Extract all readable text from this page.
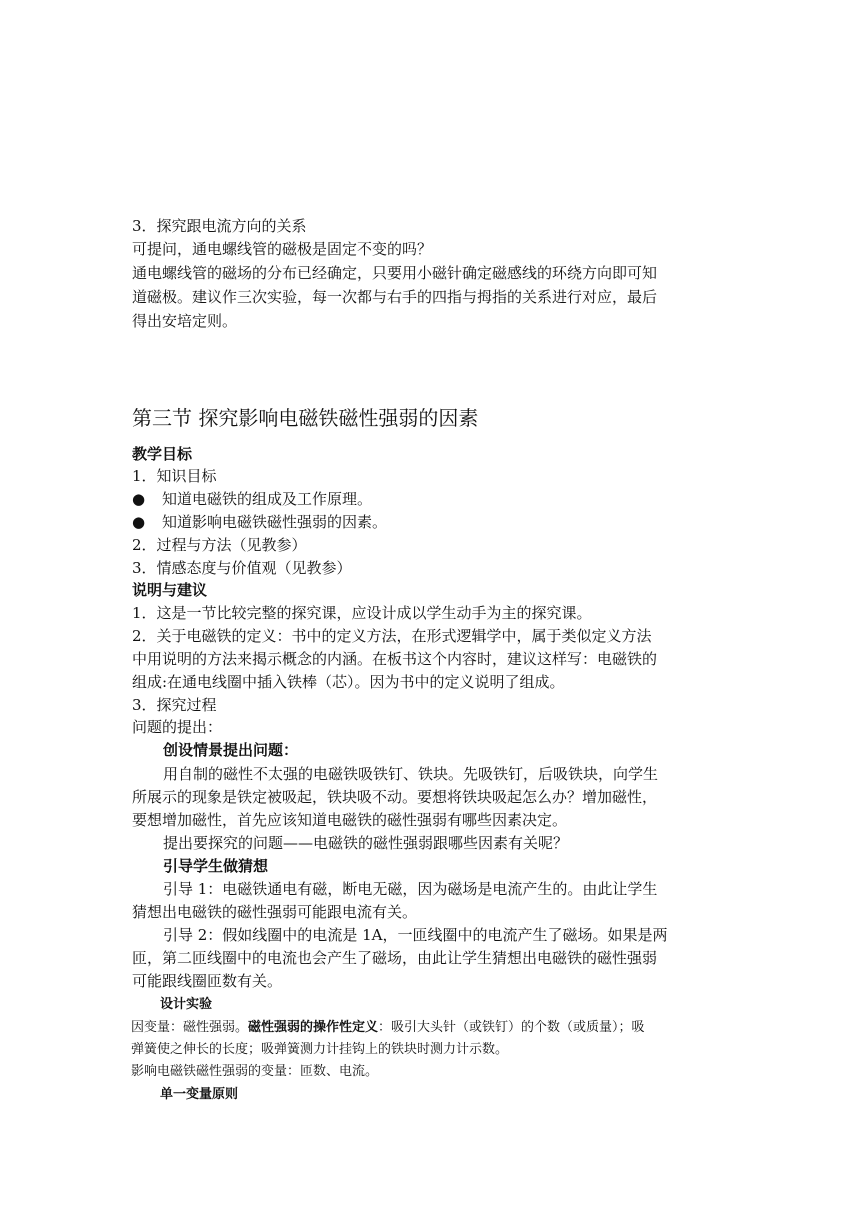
3．探究跟电流方向的关系
可提问，通电螺线管的磁极是固定不变的吗？
通电螺线管的磁场的分布已经确定，只要用小磁针确定磁感线的环绕方向即可知
道磁极。建议作三次实验，每一次都与右手的四指与拇指的关系进行对应，最后
得出安培定则。
第三节 探究影响电磁铁磁性强弱的因素
教学目标
1．知识目标
● 知道电磁铁的组成及工作原理。
● 知道影响电磁铁磁性强弱的因素。
2．过程与方法（见教参）
3．情感态度与价值观（见教参）
说明与建议
1．这是一节比较完整的探究课，应设计成以学生动手为主的探究课。
2．关于电磁铁的定义：书中的定义方法，在形式逻辑学中，属于类似定义方法
中用说明的方法来揭示概念的内涵。在板书这个内容时，建议这样写：电磁铁的
组成:在通电线圈中插入铁棒（芯）。因为书中的定义说明了组成。
3．探究过程
问题的提出：
创设情景提出问题：
用自制的磁性不太强的电磁铁吸铁钉、铁块。先吸铁钉，后吸铁块，向学生
所展示的现象是铁定被吸起，铁块吸不动。要想将铁块吸起怎么办？增加磁性，
要想增加磁性，首先应该知道电磁铁的磁性强弱有哪些因素决定。
提出要探究的问题——电磁铁的磁性强弱跟哪些因素有关呢？
引导学生做猜想
引导 1：电磁铁通电有磁，断电无磁，因为磁场是电流产生的。由此让学生
猜想出电磁铁的磁性强弱可能跟电流有关。
引导 2：假如线圈中的电流是 1A，一匝线圈中的电流产生了磁场。如果是两
匝，第二匝线圈中的电流也会产生了磁场，由此让学生猜想出电磁铁的磁性强弱
可能跟线圈匝数有关。
设计实验
因变量：磁性强弱。磁性强弱的操作性定义：吸引大头针（或铁钉）的个数（或质量）；吸
弹簧使之伸长的长度；吸弹簧测力计挂钩上的铁块时测力计示数。
影响电磁铁磁性强弱的变量：匝数、电流。
单一变量原则
